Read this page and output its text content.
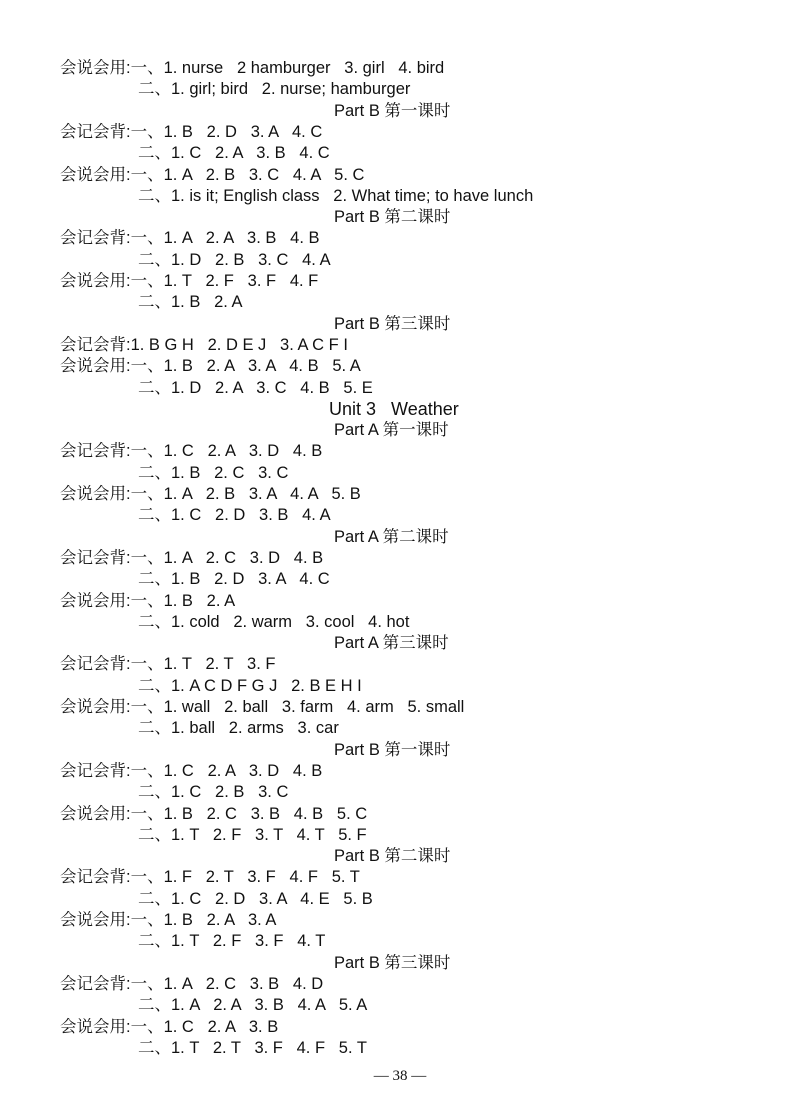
会说会用:一、1. nurse   2 hamburger   3. girl   4. bird
二、1. girl; bird   2. nurse; hamburger
Part B 第一课时
会记会背:一、1. B   2. D   3. A   4. C
二、1. C   2. A   3. B   4. C
会说会用:一、1. A   2. B   3. C   4. A   5. C
二、1. is it; English class   2. What time; to have lunch
Part B 第二课时
会记会背:一、1. A   2. A   3. B   4. B
二、1. D   2. B   3. C   4. A
会说会用:一、1. T   2. F   3. F   4. F
二、1. B   2. A
Part B 第三课时
会记会背:1. B G H   2. D E J   3. A C F I
会说会用:一、1. B   2. A   3. A   4. B   5. A
二、1. D   2. A   3. C   4. B   5. E
Unit 3   Weather
Part A 第一课时
会记会背:一、1. C   2. A   3. D   4. B
二、1. B   2. C   3. C
会说会用:一、1. A   2. B   3. A   4. A   5. B
二、1. C   2. D   3. B   4. A
Part A 第二课时
会记会背:一、1. A   2. C   3. D   4. B
二、1. B   2. D   3. A   4. C
会说会用:一、1. B   2. A
二、1. cold   2. warm   3. cool   4. hot
Part A 第三课时
会记会背:一、1. T   2. T   3. F
二、1. A C D F G J   2. B E H I
会说会用:一、1. wall   2. ball   3. farm   4. arm   5. small
二、1. ball   2. arms   3. car
Part B 第一课时
会记会背:一、1. C   2. A   3. D   4. B
二、1. C   2. B   3. C
会说会用:一、1. B   2. C   3. B   4. B   5. C
二、1. T   2. F   3. T   4. T   5. F
Part B 第二课时
会记会背:一、1. F   2. T   3. F   4. F   5. T
二、1. C   2. D   3. A   4. E   5. B
会说会用:一、1. B   2. A   3. A
二、1. T   2. F   3. F   4. T
Part B 第三课时
会记会背:一、1. A   2. C   3. B   4. D
二、1. A   2. A   3. B   4. A   5. A
会说会用:一、1. C   2. A   3. B
二、1. T   2. T   3. F   4. F   5. T
— 38 —
